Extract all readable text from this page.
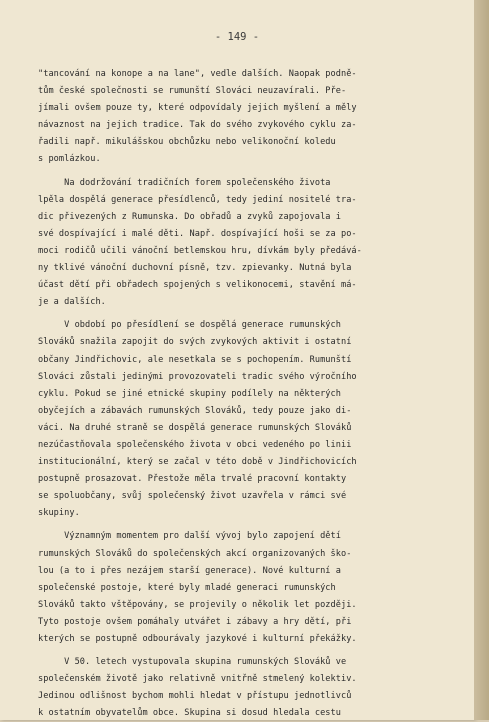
- 149 -
"tancování na konope a na lane", vedle dalších. Naopak podně-
tům české společnosti se rumunští Slováci neuzavírali. Pře-
jímali ovšem pouze ty, které odpovídaly jejich myšlení a měly
návaznost na jejich tradice. Tak do svého zvykového cyklu za-
řadili např. mikulášskou obchůzku nebo velikonoční koledu
s pomlázkou.
Na dodržování tradičních forem společenského života
lpěla dospělá generace přesídlenců, tedy jediní nositelé tra-
dic přivezených z Rumunska. Do obřadů a zvyků zapojovala i
své dospívající i malé děti. Např. dospívající hoši se za po-
moci rodičů učili vánoční betlemskou hru, dívkám byly předává-
ny tklivé vánoční duchovní písně, tzv. zpievanky. Nutná byla
účast dětí při obřadech spojených s velikonocemi, stavění má-
je a dalších.
V období po přesídlení se dospělá generace rumunských
Slováků snažila zapojit do svých zvykových aktivit i ostatní
občany Jindřichovic, ale nesetkala se s pochopením. Rumunští
Slováci zůstali jedinými provozovateli tradic svého výročního
cyklu. Pokud se jiné etnické skupiny podílely na některých
obyčejích a zábavách rumunských Slováků, tedy pouze jako di-
váci. Na druhé straně se dospělá generace rumunských Slováků
nezúčastňovala společenského života v obci vedeného po linii
institucionální, který se začal v této době v Jindřichovicích
postupně prosazovat. Přestože měla trvalé pracovní kontakty
se spoluobčany, svůj společenský život uzavřela v rámci své
skupiny.
Významným momentem pro další vývoj bylo zapojení dětí
rumunských Slováků do společenských akcí organizovaných ško-
lou (a to i přes nezájem starší generace). Nové kulturní a
společenské postoje, které byly mladé generaci rumunských
Slováků takto vštěpovány, se projevily o několik let později.
Tyto postoje ovšem pomáhaly utvářet i zábavy a hry dětí, při
kterých se postupně odbourávaly jazykové i kulturní překážky.
V 50. letech vystupovala skupina rumunských Slováků ve
společenském životě jako relativně vnitřně stmelený kolektiv.
Jedinou odlišnost bychom mohli hledat v přístupu jednotlivců
k ostatním obyvatelům obce. Skupina si dosud hledala cestu
